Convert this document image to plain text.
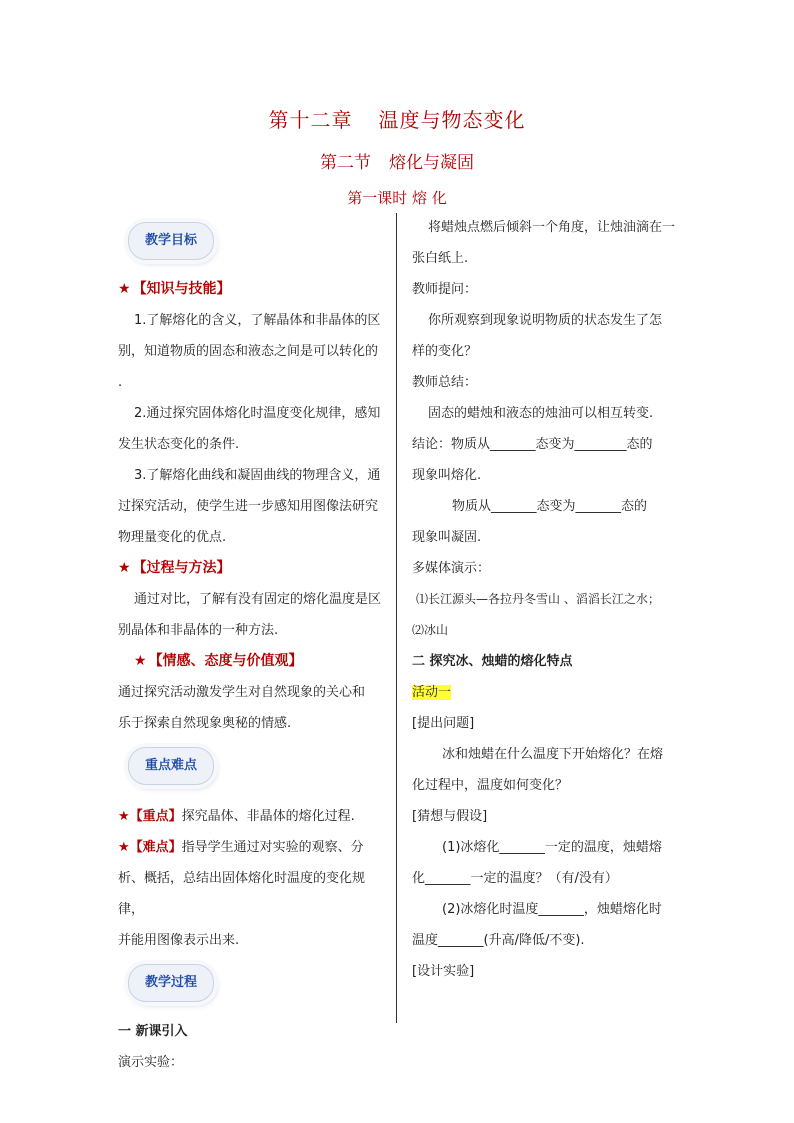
第十二章 温度与物态变化
第二节 熔化与凝固
第一课时 熔 化
教学目标

★ 【知识与技能】

1.了解熔化的含义，了解晶体和非晶体的区

别，知道物质的固态和液态之间是可以转化的 .

2.通过探究固体熔化时温度变化规律，感知

发生状态变化的条件.

3.了解熔化曲线和凝固曲线的物理含义，通

过探究活动，使学生进一步感知用图像法研究

物理量变化的优点.

★ 【过程与方法】

通过对比，了解有没有固定的熔化温度是区

别晶体和非晶体的一种方法.

★ 【情感、态度与价值观】

通过探究活动激发学生对自然现象的关心和

乐于探索自然现象奥秘的情感.

重点难点

★【重点】探究晶体、非晶体的熔化过程.

★【难点】指导学生通过对实验的观察、分

析、概括，总结出固体熔化时温度的变化规律，

并能用图像表示出来.

教学过程

一 新课引入

演示实验：

将蜡烛点燃后倾斜一个角度，让烛油滴在一

张白纸上.

教师提问：

你所观察到现象说明物质的状态发生了怎

样的变化？

教师总结：

固态的蜡烛和液态的烛油可以相互转变.

结论：物质从_______态变为________态的

现象叫熔化.

物质从_______态变为_______态的

现象叫凝固.

多媒体演示：

⑴长江源头—各拉丹冬雪山 、滔滔长江之水；

⑵冰山

二 探究冰、烛蜡的熔化特点

活动一

[提出问题]

冰和烛蜡在什么温度下开始熔化？在熔

化过程中，温度如何变化？

[猜想与假设]

(1)冰熔化_______一定的温度，烛蜡熔

化_______一定的温度？（有/没有）

(2)冰熔化时温度_______，烛蜡熔化时

温度_______(升高/降低/不变).

[设计实验]
